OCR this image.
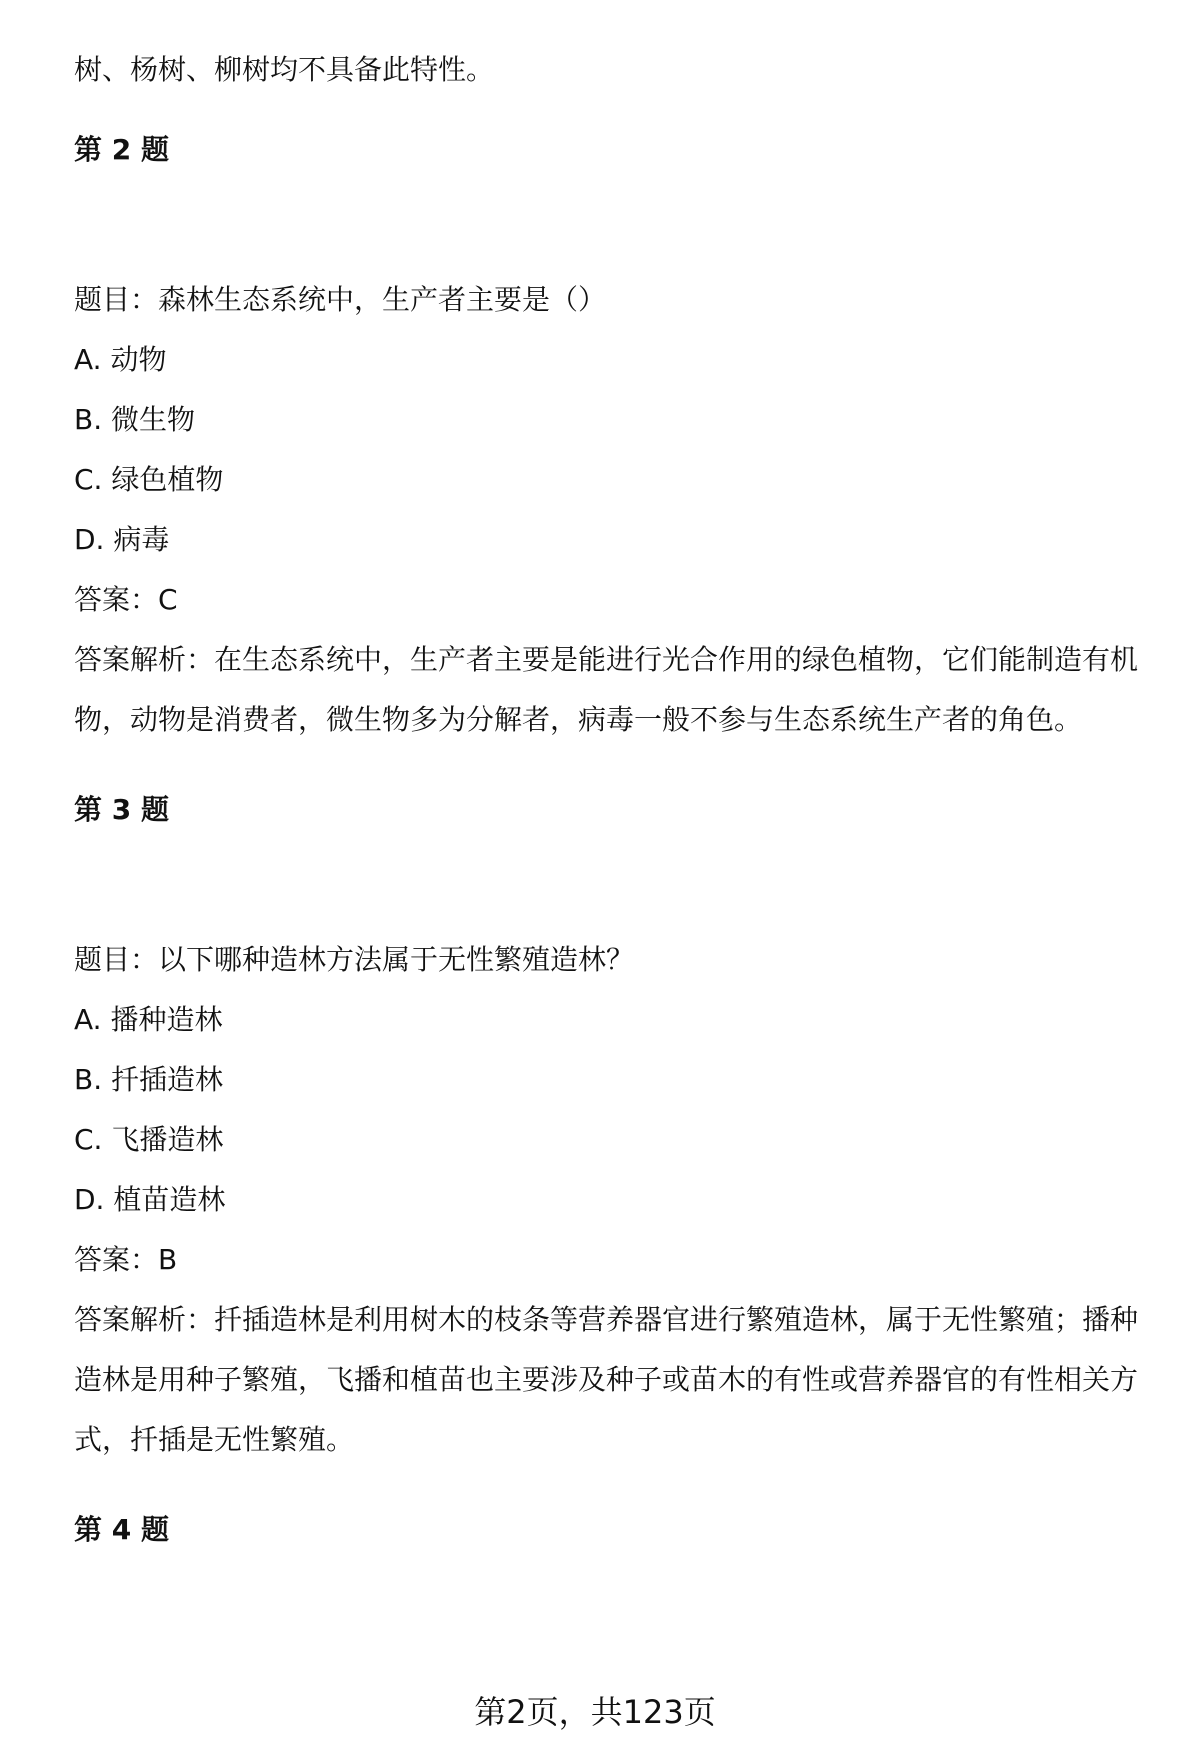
树、杨树、柳树均不具备此特性。
第 2 题
题目：森林生态系统中，生产者主要是（）
A. 动物
B. 微生物
C. 绿色植物
D. 病毒
答案：C
答案解析：在生态系统中，生产者主要是能进行光合作用的绿色植物，它们能制造有机物，动物是消费者，微生物多为分解者，病毒一般不参与生态系统生产者的角色。
第 3 题
题目：以下哪种造林方法属于无性繁殖造林？
A. 播种造林
B. 扦插造林
C. 飞播造林
D. 植苗造林
答案：B
答案解析：扦插造林是利用树木的枝条等营养器官进行繁殖造林，属于无性繁殖；播种造林是用种子繁殖，飞播和植苗也主要涉及种子或苗木的有性或营养器官的有性相关方式，扦插是无性繁殖。
第 4 题
第2页，共123页
